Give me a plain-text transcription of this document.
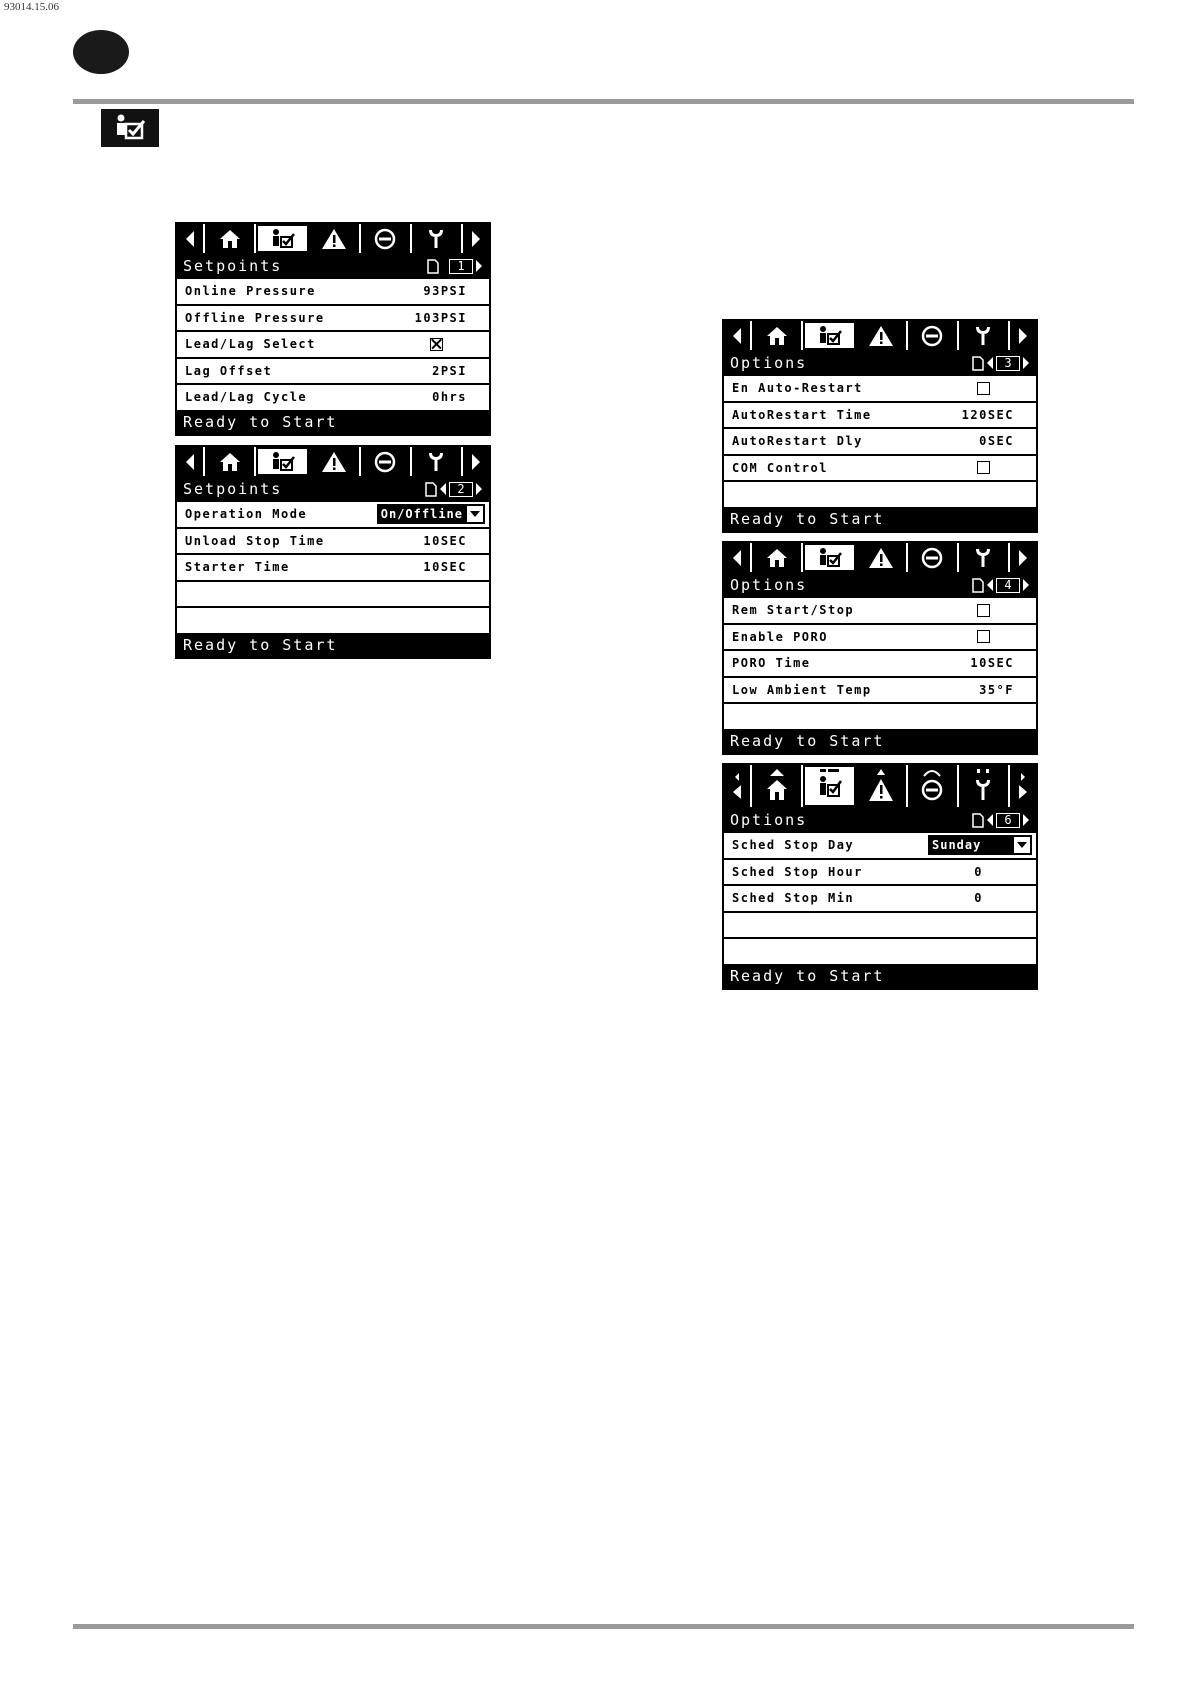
93014.15.06
Setpoints	1
Online Pressure	93PSI
Offline Pressure	103PSI
Lead/Lag Select
Lag Offset	2PSI
Lead/Lag Cycle	0hrs
Ready to Start
Setpoints	2
Operation Mode	On/Offline
Unload Stop Time	10SEC
Starter Time	10SEC
Ready to Start
Options	3
En Auto-Restart
AutoRestart Time	120SEC
AutoRestart Dly	0SEC
COM Control
Ready to Start
Options	4
Rem Start/Stop
Enable PORO
PORO Time	10SEC
Low Ambient Temp	35°F
Ready to Start
Options	6
Sched Stop Day	Sunday
Sched Stop Hour	0
Sched Stop Min	0
Ready to Start
